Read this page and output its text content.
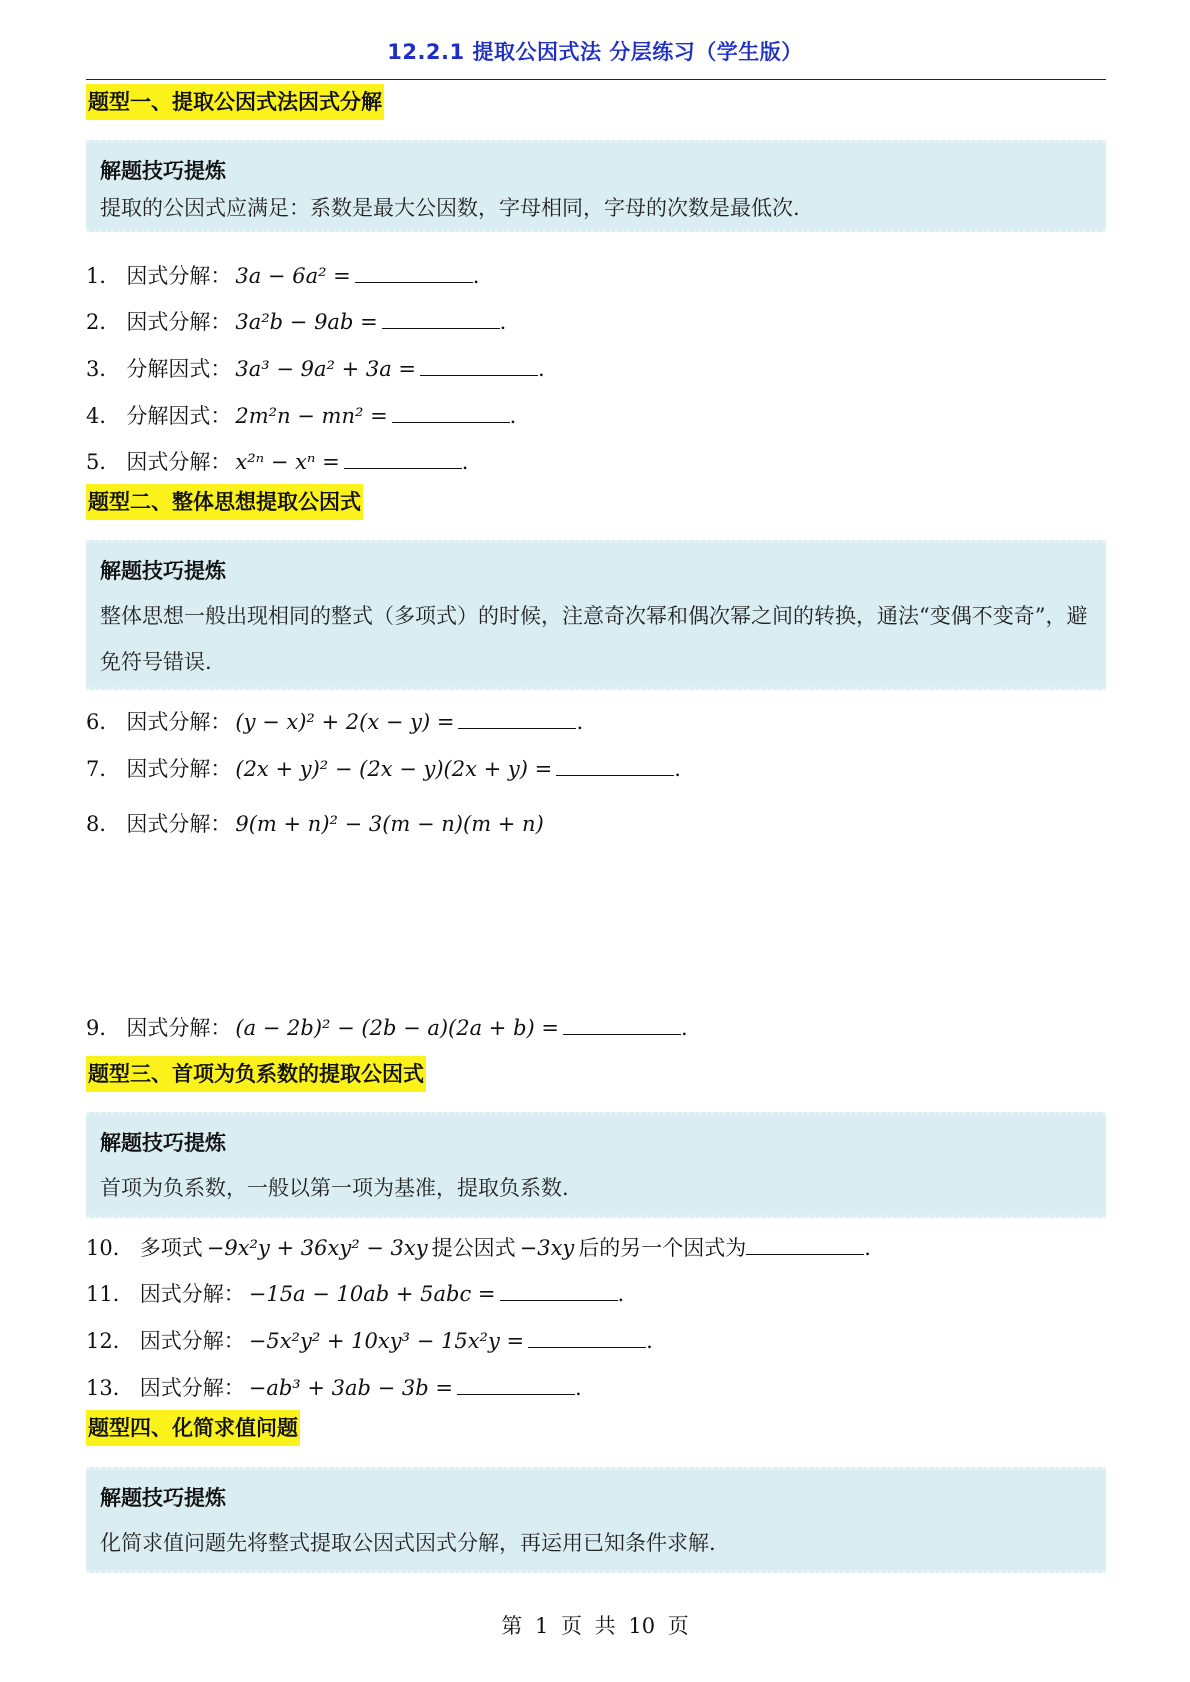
12.2.1 提取公因式法 分层练习（学生版）
题型一、提取公因式法因式分解
解题技巧提炼
提取的公因式应满足：系数是最大公因数，字母相同，字母的次数是最低次.
1． 因式分解： 3a − 6a² =	.
2． 因式分解： 3a²b − 9ab =	.
3． 分解因式： 3a³ − 9a² + 3a =	.
4． 分解因式： 2m²n − mn² =	.
5． 因式分解： x²ⁿ − xⁿ =	.
题型二、整体思想提取公因式
解题技巧提炼
整体思想一般出现相同的整式（多项式）的时候，注意奇次幂和偶次幂之间的转换，通法“变偶不变奇”，避免符号错误.
6． 因式分解： (y − x)² + 2(x − y) =	.
7． 因式分解： (2x + y)² − (2x − y)(2x + y) =	.
8． 因式分解： 9(m + n)² − 3(m − n)(m + n)
9． 因式分解： (a − 2b)² − (2b − a)(2a + b) =	.
题型三、首项为负系数的提取公因式
解题技巧提炼
首项为负系数，一般以第一项为基准，提取负系数.
10． 多项式 −9x²y + 36xy² − 3xy 提公因式 −3xy 后的另一个因式为	.
11． 因式分解： −15a − 10ab + 5abc =	.
12． 因式分解： −5x²y² + 10xy³ − 15x²y =	.
13． 因式分解： −ab³ + 3ab − 3b =	.
题型四、化简求值问题
解题技巧提炼
化简求值问题先将整式提取公因式因式分解，再运用已知条件求解.
第 1 页 共 10 页
